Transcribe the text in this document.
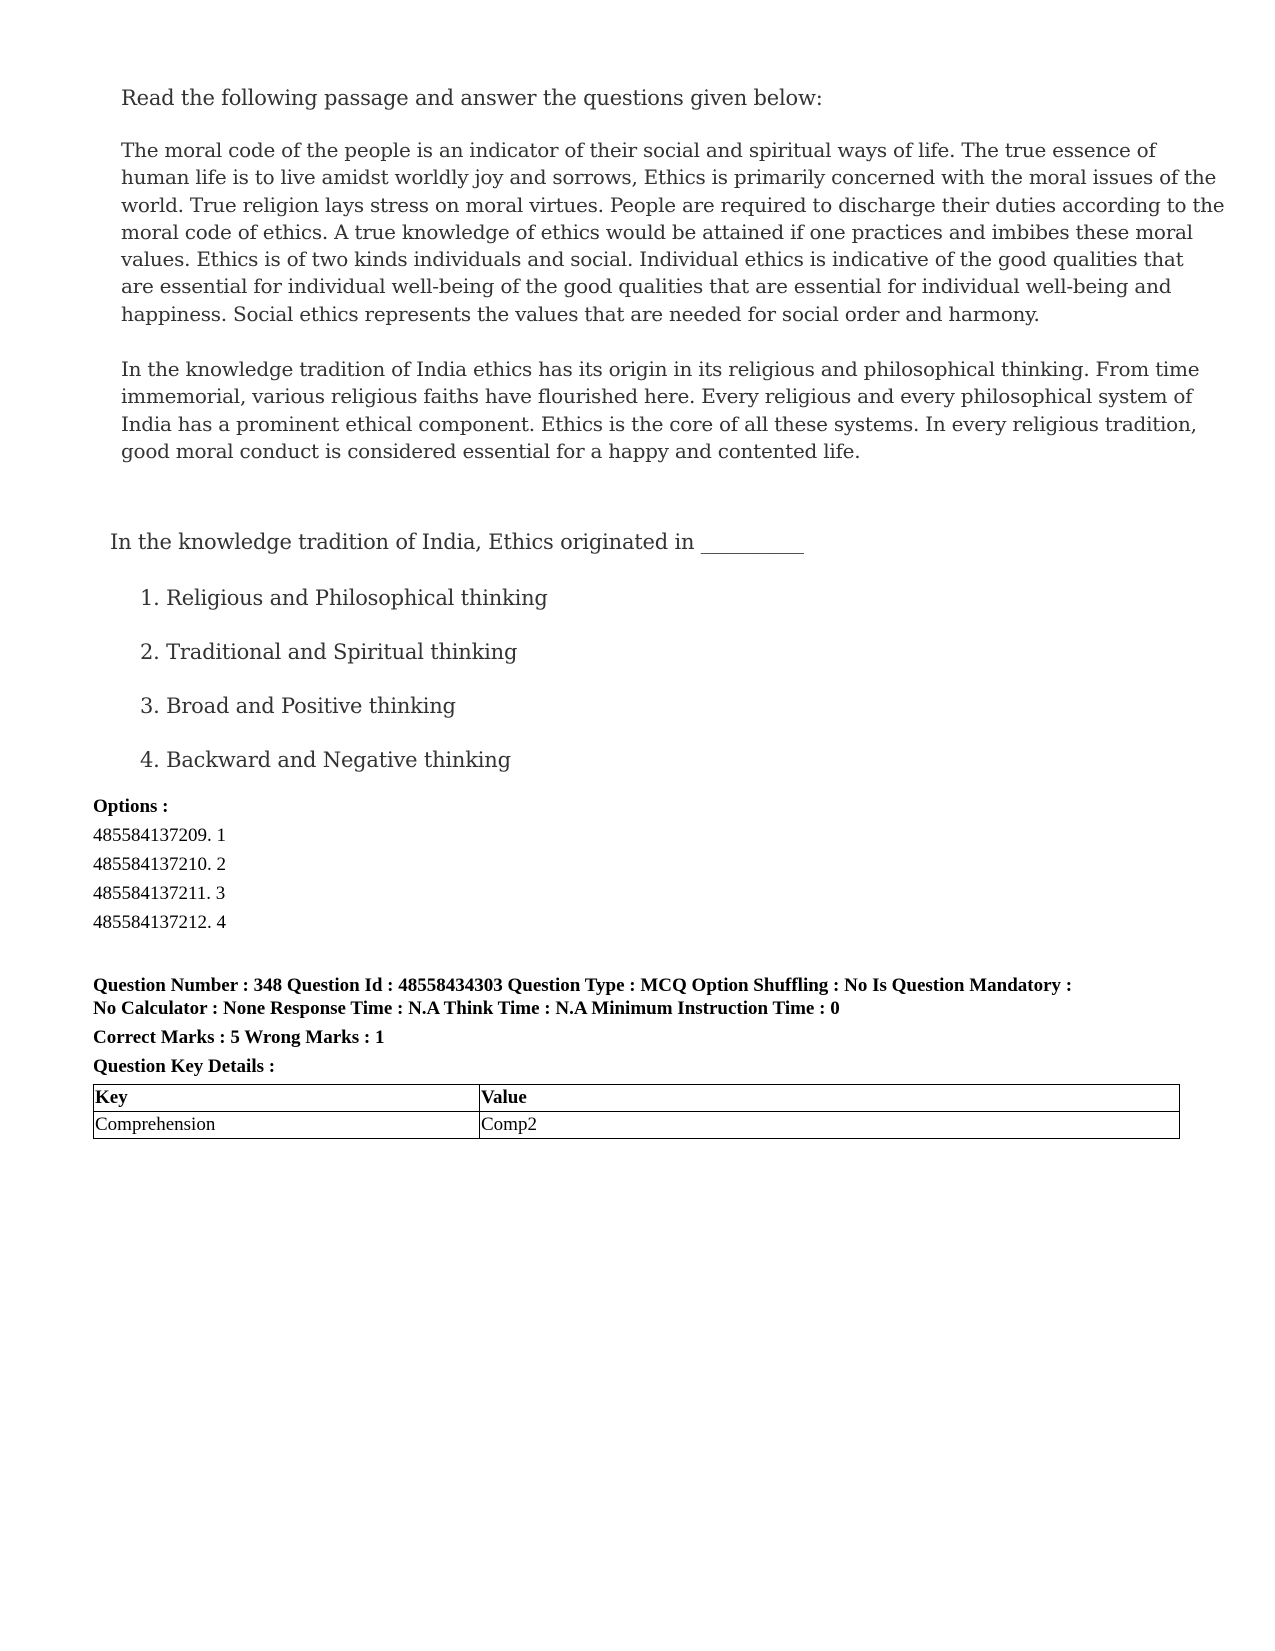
Read the following passage and answer the questions given below:

The moral code of the people is an indicator of their social and spiritual ways of life. The true essence of
human life is to live amidst worldly joy and sorrows, Ethics is primarily concerned with the moral issues of the
world. True religion lays stress on moral virtues. People are required to discharge their duties according to the
moral code of ethics. A true knowledge of ethics would be attained if one practices and imbibes these moral
values. Ethics is of two kinds individuals and social. Individual ethics is indicative of the good qualities that
are essential for individual well-being of the good qualities that are essential for individual well-being and
happiness. Social ethics represents the values that are needed for social order and harmony.

In the knowledge tradition of India ethics has its origin in its religious and philosophical thinking. From time
immemorial, various religious faiths have flourished here. Every religious and every philosophical system of
India has a prominent ethical component. Ethics is the core of all these systems. In every religious tradition,
good moral conduct is considered essential for a happy and contented life.

In the knowledge tradition of India, Ethics originated in __________
1. Religious and Philosophical thinking
2. Traditional and Spiritual thinking
3. Broad and Positive thinking
4. Backward and Negative thinking
Options :
485584137209. 1
485584137210. 2
485584137211. 3
485584137212. 4
Question Number : 348 Question Id : 48558434303 Question Type : MCQ Option Shuffling : No Is Question Mandatory :
No Calculator : None Response Time : N.A Think Time : N.A Minimum Instruction Time : 0
Correct Marks : 5 Wrong Marks : 1
Question Key Details :
Key	Value
Comprehension	Comp2
